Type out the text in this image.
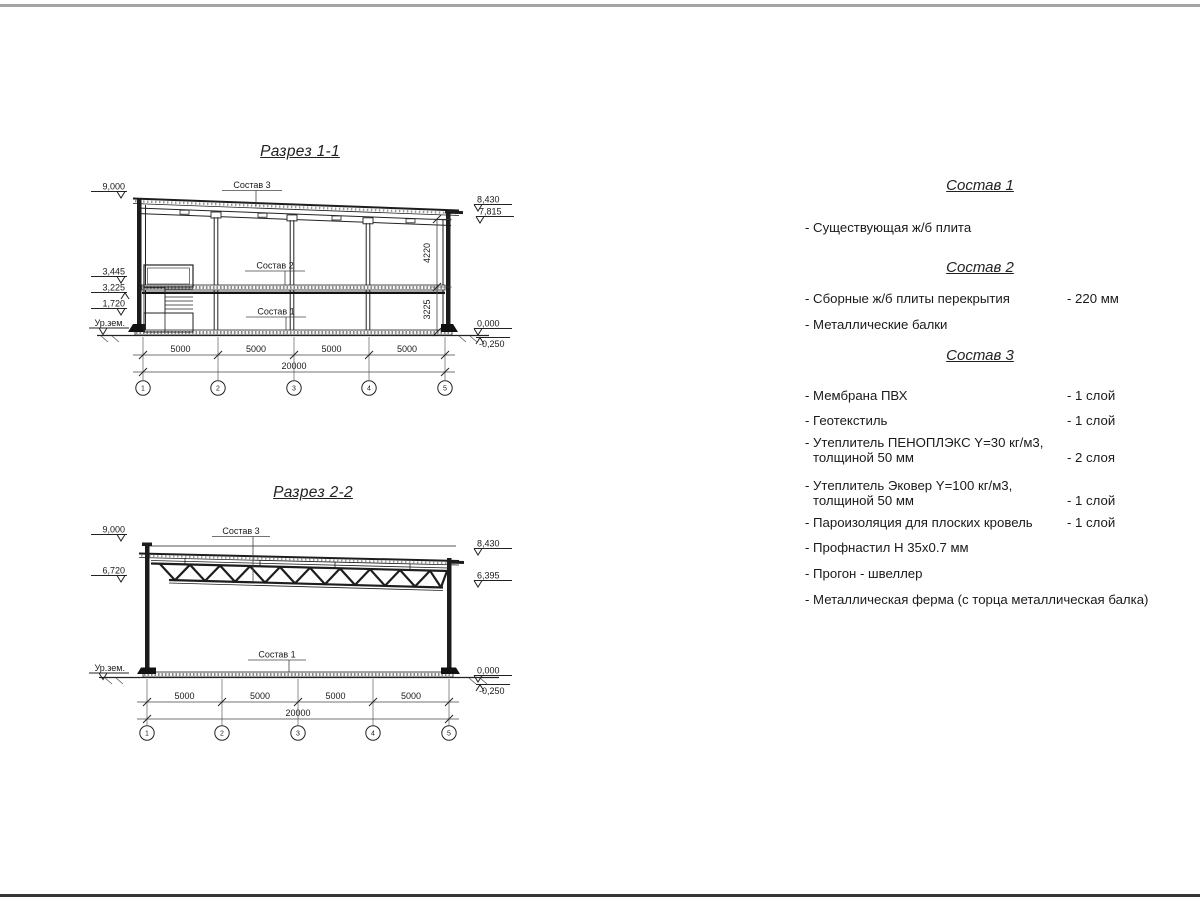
Разрез 1-1
Разрез 2-2
Состав 3
Состав 2
Состав 1
9,000
3,445
3,225
1,720
Ур.зем.
8,430
7,815
0,000
-0,250
4220
3225
5000	5000	5000	5000
20000
1	2	3	4	5
Состав 3
Состав 1
9,000
6,720
Ур.зем.
8,430
6,395
0,000
-0,250
5000	5000	5000	5000
20000
1	2	3	4	5
Состав 1
- Существующая ж/б плита
Состав 2
- Сборные ж/б плиты перекрытия	- 220 мм
- Металлические балки
Состав 3
- Мембрана ПВХ	- 1 слой
- Геотекстиль	- 1 слой
- Утеплитель ПЕНОПЛЭКС Y=30 кг/м3,
толщиной 50 мм	- 2 слоя
- Утеплитель Эковер Y=100 кг/м3,
толщиной 50 мм	- 1 слой
- Пароизоляция для плоских кровель	- 1 слой
- Профнастил Н 35х0.7 мм
- Прогон - швеллер
- Металлическая ферма (с торца металлическая балка)
